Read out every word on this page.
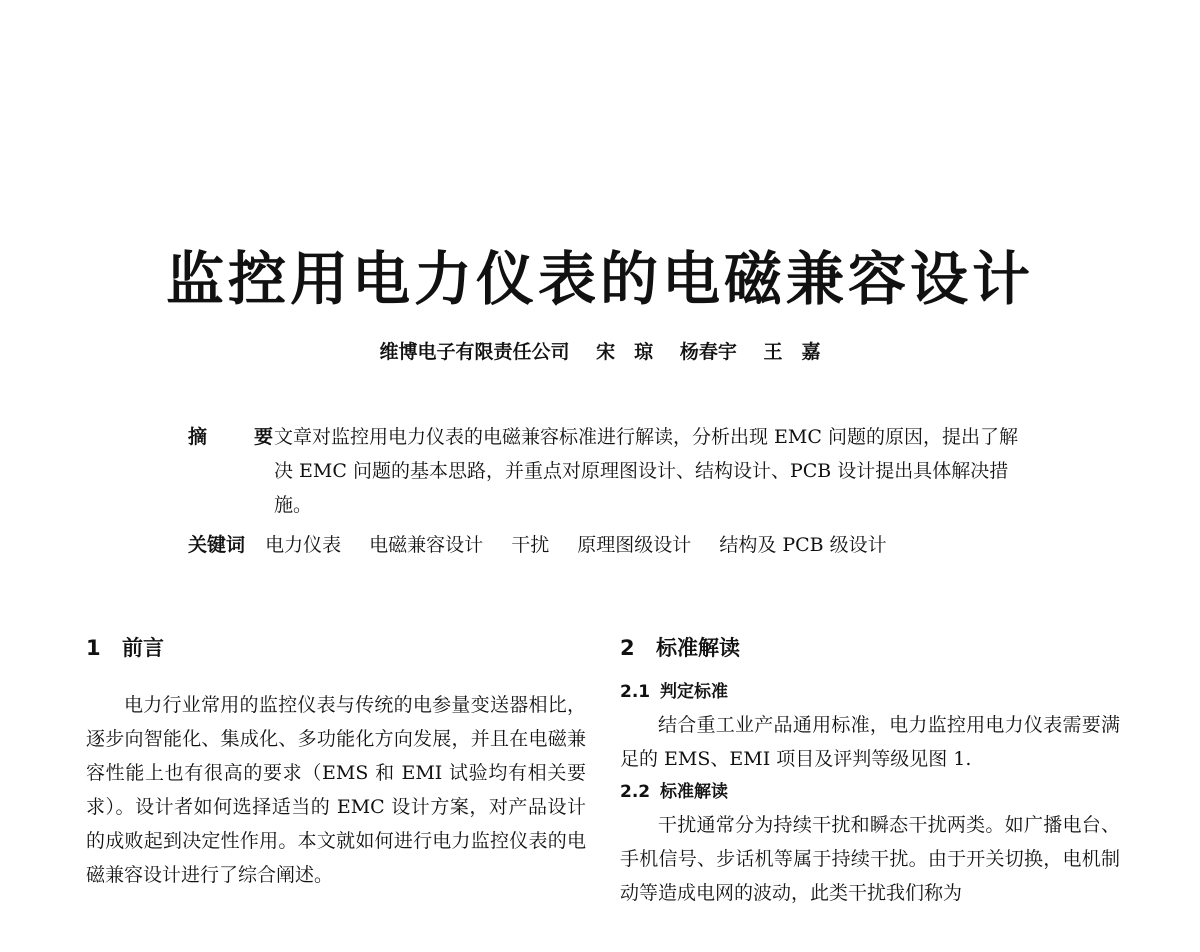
监控用电力仪表的电磁兼容设计
维博电子有限责任公司 宋　琼 杨春宇 王　嘉
摘　要
文章对监控用电力仪表的电磁兼容标准进行解读，分析出现 EMC 问题的原因，提出了解决 EMC 问题的基本思路，并重点对原理图设计、结构设计、PCB 设计提出具体解决措施。
关键词 电力仪表 电磁兼容设计 干扰 原理图级设计 结构及 PCB 级设计
1 前言

电力行业常用的监控仪表与传统的电参量变送器相比，逐步向智能化、集成化、多功能化方向发展，并且在电磁兼容性能上也有很高的要求（EMS 和 EMI 试验均有相关要求）。设计者如何选择适当的 EMC 设计方案，对产品设计的成败起到决定性作用。本文就如何进行电力监控仪表的电磁兼容设计进行了综合阐述。

2 标准解读
2.1 判定标准

结合重工业产品通用标准，电力监控用电力仪表需要满足的 EMS、EMI 项目及评判等级见图 1.

2.2 标准解读

干扰通常分为持续干扰和瞬态干扰两类。如广播电台、手机信号、步话机等属于持续干扰。由于开关切换，电机制动等造成电网的波动，此类干扰我们称为
